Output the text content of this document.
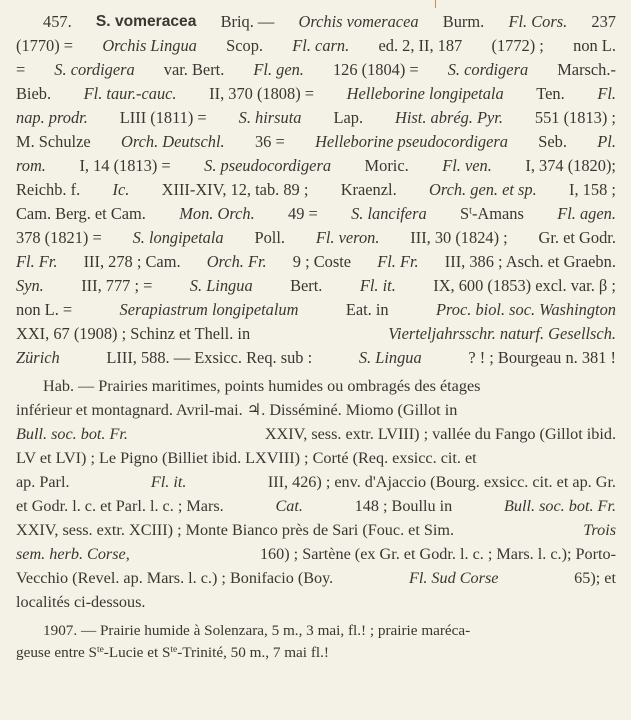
457. S. vomeracea Briq. — Orchis vomeracea Burm. Fl. Cors. 237
(1770) = Orchis Lingua Scop. Fl. carn. ed. 2, II, 187 (1772) ; non L.
= S. cordigera var. Bert. Fl. gen. 126 (1804) = S. cordigera Marsch.-
Bieb. Fl. taur.-cauc. II, 370 (1808) = Helleborine longipetala Ten. Fl.
nap. prodr. LIII (1811) = S. hirsuta Lap. Hist. abrég. Pyr. 551 (1813) ;
M. Schulze Orch. Deutschl. 36 = Helleborine pseudocordigera Seb. Pl.
rom. I, 14 (1813) = S. pseudocordigera Moric. Fl. ven. I, 374 (1820);
Reichb. f. Ic. XIII-XIV, 12, tab. 89 ; Kraenzl. Orch. gen. et sp. I, 158 ;
Cam. Berg. et Cam. Mon. Orch. 49 = S. lancifera $S^t$-Amans Fl. agen.
378 (1821) = S. longipetala Poll. Fl. veron. III, 30 (1824) ; Gr. et Godr.
Fl. Fr. III, 278 ; Cam. Orch. Fr. 9 ; Coste Fl. Fr. III, 386 ; Asch. et Graebn.
Syn. III, 777 ; = S. Lingua Bert. Fl. it. IX, 600 (1853) excl. var. β ;
non L. =	Serapiastrum longipetalum	Eat. in	Proc. biol. soc. Washington
XXI, 67 (1908) ; Schinz et Thell. in	Vierteljahrsschr. naturf. Gesellsch.
Zürich	LIII, 588. — Exsicc. Req. sub :	S. Lingua	? ! ; Bourgeau n. 381 !
Hab. — Prairies maritimes, points humides ou ombragés des étages
inférieur et montagnard. Avril-mai. ♃. Disséminé. Miomo (Gillot in
Bull. soc. bot. Fr.	XXIV, sess. extr. LVIII) ; vallée du Fango (Gillot ibid.
LV et LVI) ; Le Pigno (Billiet ibid. LXVIII) ; Corté (Req. exsicc. cit. et
ap. Parl.	Fl. it.	III, 426) ; env. d'Ajaccio (Bourg. exsicc. cit. et ap. Gr.
et Godr. l. c. et Parl. l. c. ; Mars.	Cat.	148 ; Boullu in	Bull. soc. bot. Fr.
XXIV, sess. extr. XCIII) ; Monte Bianco près de Sari (Fouc. et Sim.	Trois
sem. herb. Corse,	160) ; Sartène (ex Gr. et Godr. l. c. ; Mars. l. c.); Porto-
Vecchio (Revel. ap. Mars. l. c.) ; Bonifacio (Boy.	Fl. Sud Corse	65); et
localités ci-dessous.
1907. — Prairie humide à Solenzara, 5 m., 3 mai, fl.! ; prairie maréca-
geuse entre $S^{te}$-Lucie et $S^{te}$-Trinité, 50 m., 7 mai fl.!
